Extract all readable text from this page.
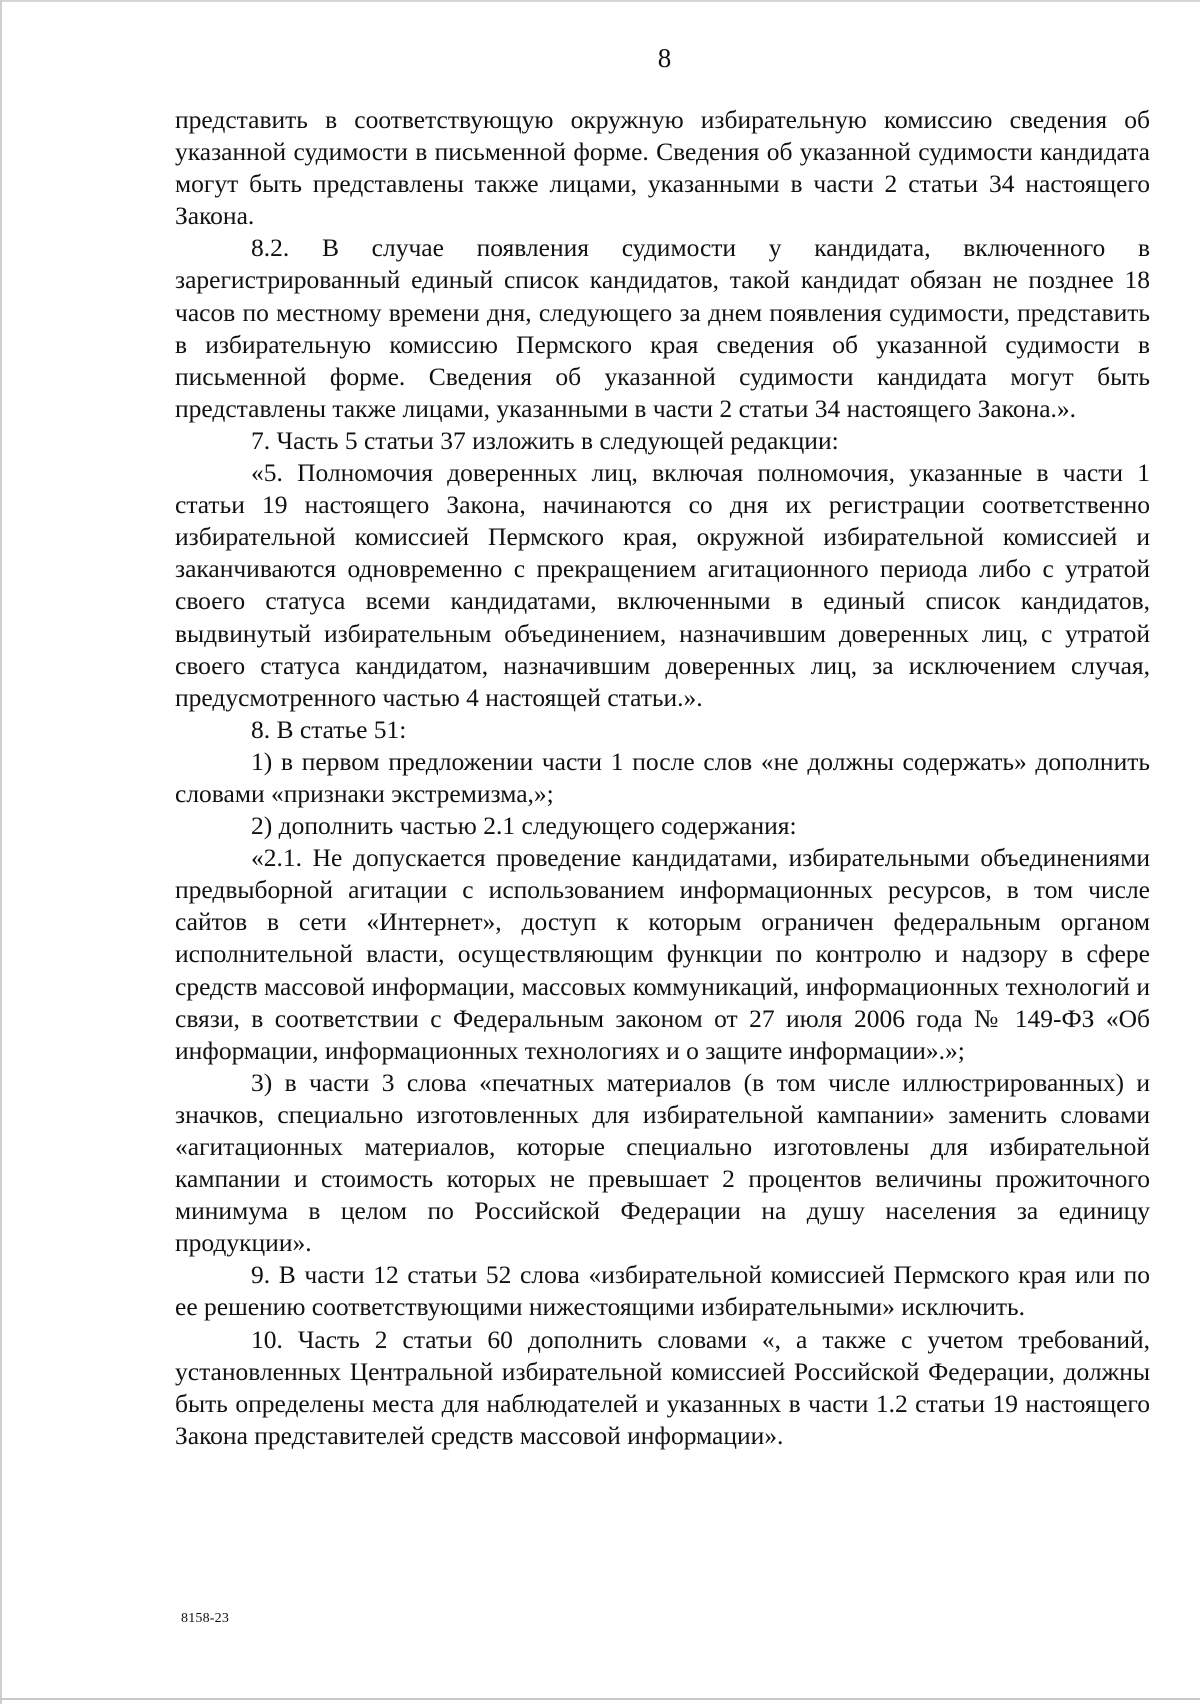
8

представить в соответствующую окружную избирательную комиссию сведения об указанной судимости в письменной форме. Сведения об указанной судимости кандидата могут быть представлены также лицами, указанными в части 2 статьи 34 настоящего Закона.

8.2. В случае появления судимости у кандидата, включенного в зарегистрированный единый список кандидатов, такой кандидат обязан не позднее 18 часов по местному времени дня, следующего за днем появления судимости, представить в избирательную комиссию Пермского края сведения об указанной судимости в письменной форме. Сведения об указанной судимости кандидата могут быть представлены также лицами, указанными в части 2 статьи 34 настоящего Закона.».

7. Часть 5 статьи 37 изложить в следующей редакции:

«5. Полномочия доверенных лиц, включая полномочия, указанные в части 1 статьи 19 настоящего Закона, начинаются со дня их регистрации соответственно избирательной комиссией Пермского края, окружной избирательной комиссией и заканчиваются одновременно с прекращением агитационного периода либо с утратой своего статуса всеми кандидатами, включенными в единый список кандидатов, выдвинутый избирательным объединением, назначившим доверенных лиц, с утратой своего статуса кандидатом, назначившим доверенных лиц, за исключением случая, предусмотренного частью 4 настоящей статьи.».

8. В статье 51:

1) в первом предложении части 1 после слов «не должны содержать» дополнить словами «признаки экстремизма,»;

2) дополнить частью 2.1 следующего содержания:

«2.1. Не допускается проведение кандидатами, избирательными объединениями предвыборной агитации с использованием информационных ресурсов, в том числе сайтов в сети «Интернет», доступ к которым ограничен федеральным органом исполнительной власти, осуществляющим функции по контролю и надзору в сфере средств массовой информации, массовых коммуникаций, информационных технологий и связи, в соответствии с Федеральным законом от 27 июля 2006 года № 149-ФЗ «Об информации, информационных технологиях и о защите информации».»;

3) в части 3 слова «печатных материалов (в том числе иллюстрированных) и значков, специально изготовленных для избирательной кампании» заменить словами «агитационных материалов, которые специально изготовлены для избирательной кампании и стоимость которых не превышает 2 процентов величины прожиточного минимума в целом по Российской Федерации на душу населения за единицу продукции».

9. В части 12 статьи 52 слова «избирательной комиссией Пермского края или по ее решению соответствующими нижестоящими избирательными» исключить.

10. Часть 2 статьи 60 дополнить словами «, а также с учетом требований, установленных Центральной избирательной комиссией Российской Федерации, должны быть определены места для наблюдателей и указанных в части 1.2 статьи 19 настоящего Закона представителей средств массовой информации».

8158-23
